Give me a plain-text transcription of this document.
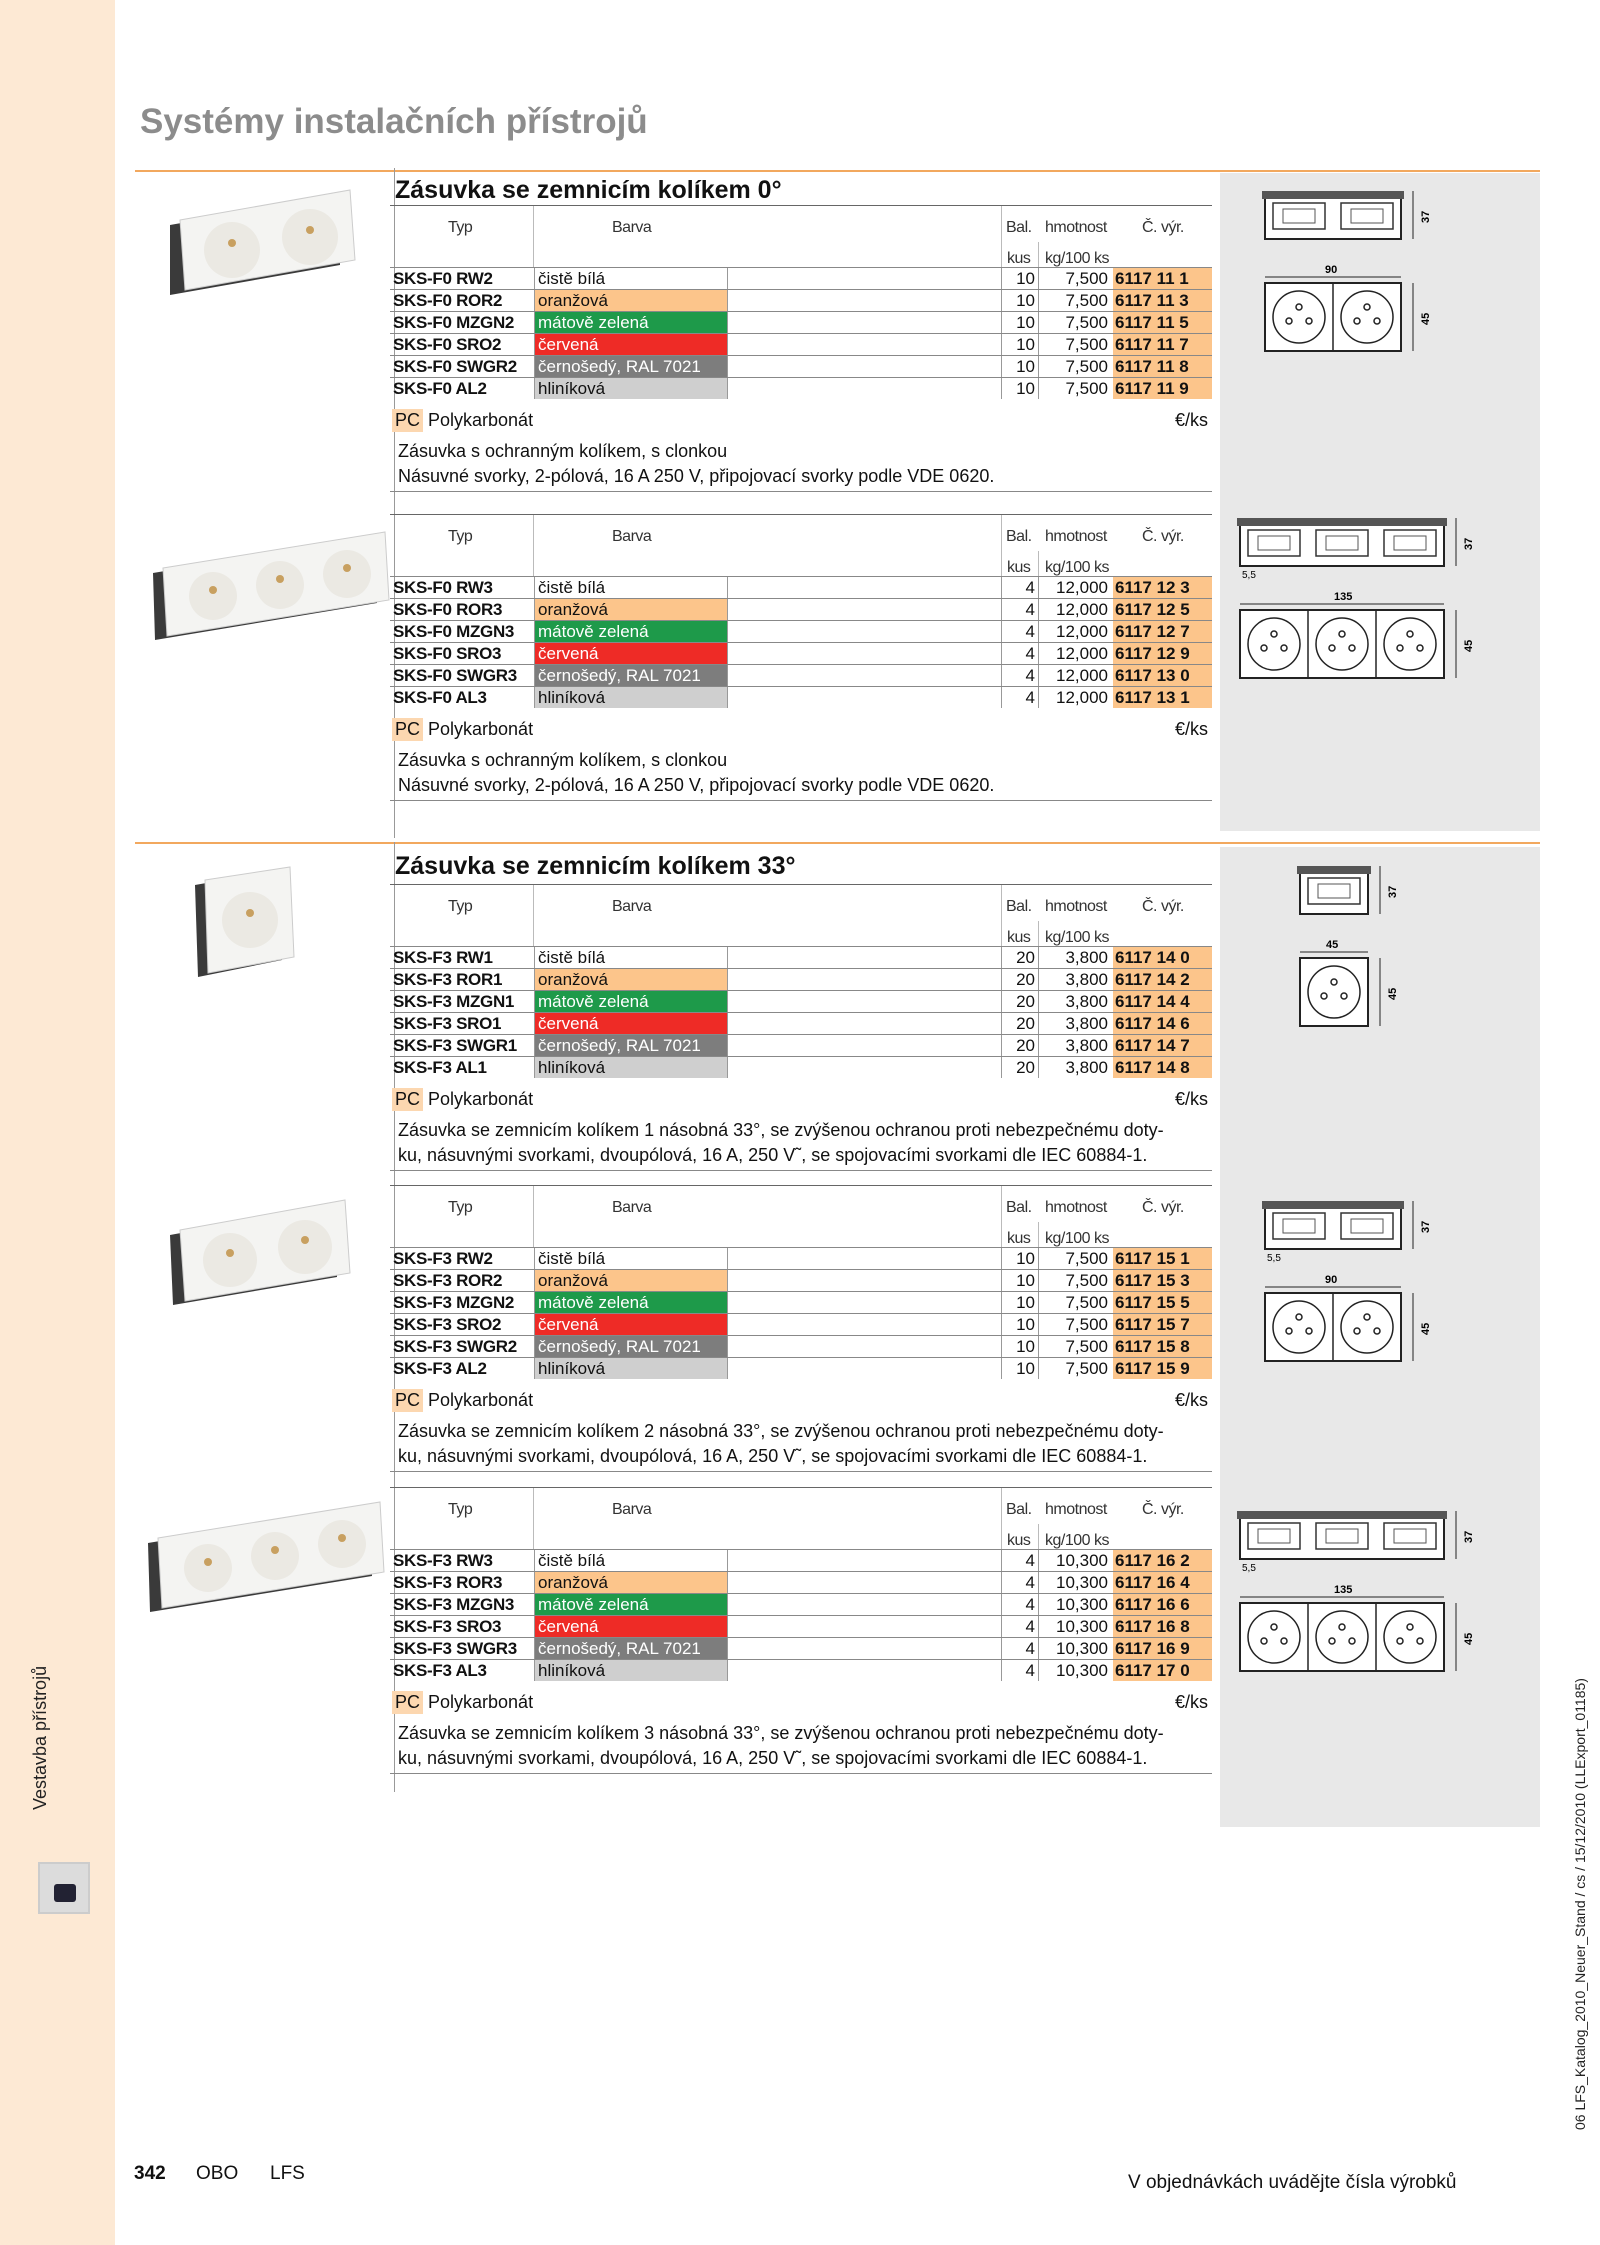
Vestavba přístrojů
Systémy instalačních přístrojů
Zásuvka se zemnicím kolíkem 0°
Zásuvka se zemnicím kolíkem 33°
Typ	Barva	Bal. hmotnost Č. výr.
kus kg/100 ks
SKS-F0 RW2	čistě bílá	10	7,500 6117 11 1
SKS-F0 ROR2	oranžová	10	7,500 6117 11 3
SKS-F0 MZGN2	mátově zelená	10	7,500 6117 11 5
SKS-F0 SRO2	červená	10	7,500 6117 11 7
SKS-F0 SWGR2	černošedý, RAL 7021	10	7,500 6117 11 8
SKS-F0 AL2	hliníková	10	7,500 6117 11 9
PC Polykarbonát	€/ks
Zásuvka s ochranným kolíkem, s clonkou
Násuvné svorky, 2-pólová, 16 A 250 V, připojovací svorky podle VDE 0620.
Typ	Barva	Bal. hmotnost Č. výr.
kus kg/100 ks
SKS-F0 RW3	čistě bílá	4	12,000 6117 12 3
SKS-F0 ROR3	oranžová	4	12,000 6117 12 5
SKS-F0 MZGN3	mátově zelená	4	12,000 6117 12 7
SKS-F0 SRO3	červená	4	12,000 6117 12 9
SKS-F0 SWGR3	černošedý, RAL 7021	4	12,000 6117 13 0
SKS-F0 AL3	hliníková	4	12,000 6117 13 1
PC Polykarbonát	€/ks
Zásuvka s ochranným kolíkem, s clonkou
Násuvné svorky, 2-pólová, 16 A 250 V, připojovací svorky podle VDE 0620.
Typ	Barva	Bal. hmotnost Č. výr.
kus kg/100 ks
SKS-F3 RW1	čistě bílá	20	3,800 6117 14 0
SKS-F3 ROR1	oranžová	20	3,800 6117 14 2
SKS-F3 MZGN1	mátově zelená	20	3,800 6117 14 4
SKS-F3 SRO1	červená	20	3,800 6117 14 6
SKS-F3 SWGR1	černošedý, RAL 7021	20	3,800 6117 14 7
SKS-F3 AL1	hliníková	20	3,800 6117 14 8
PC Polykarbonát	€/ks
Zásuvka se zemnicím kolíkem 1 násobná 33°, se zvýšenou ochranou proti nebezpečnému doty-
ku, násuvnými svorkami, dvoupólová, 16 A, 250 V˜, se spojovacími svorkami dle IEC 60884-1.
Typ	Barva	Bal. hmotnost Č. výr.
kus kg/100 ks
SKS-F3 RW2	čistě bílá	10	7,500 6117 15 1
SKS-F3 ROR2	oranžová	10	7,500 6117 15 3
SKS-F3 MZGN2	mátově zelená	10	7,500 6117 15 5
SKS-F3 SRO2	červená	10	7,500 6117 15 7
SKS-F3 SWGR2	černošedý, RAL 7021	10	7,500 6117 15 8
SKS-F3 AL2	hliníková	10	7,500 6117 15 9
PC Polykarbonát	€/ks
Zásuvka se zemnicím kolíkem 2 násobná 33°, se zvýšenou ochranou proti nebezpečnému doty-
ku, násuvnými svorkami, dvoupólová, 16 A, 250 V˜, se spojovacími svorkami dle IEC 60884-1.
Typ	Barva	Bal. hmotnost Č. výr.
kus kg/100 ks
SKS-F3 RW3	čistě bílá	4	10,300 6117 16 2
SKS-F3 ROR3	oranžová	4	10,300 6117 16 4
SKS-F3 MZGN3	mátově zelená	4	10,300 6117 16 6
SKS-F3 SRO3	červená	4	10,300 6117 16 8
SKS-F3 SWGR3	černošedý, RAL 7021	4	10,300 6117 16 9
SKS-F3 AL3	hliníková	4	10,300 6117 17 0
PC Polykarbonát	€/ks
Zásuvka se zemnicím kolíkem 3 násobná 33°, se zvýšenou ochranou proti nebezpečnému doty-
ku, násuvnými svorkami, dvoupólová, 16 A, 250 V˜, se spojovacími svorkami dle IEC 60884-1.
37
90
45
37
5,5
135
45
37
45
45
37
5,5
90
45
37
5,5
135
45
342 OBO LFS	V objednávkách uvádějte čísla výrobků
06 LFS_Katalog_2010_Neuer_Stand / cs / 15/12/2010 (LLExport_01185)
